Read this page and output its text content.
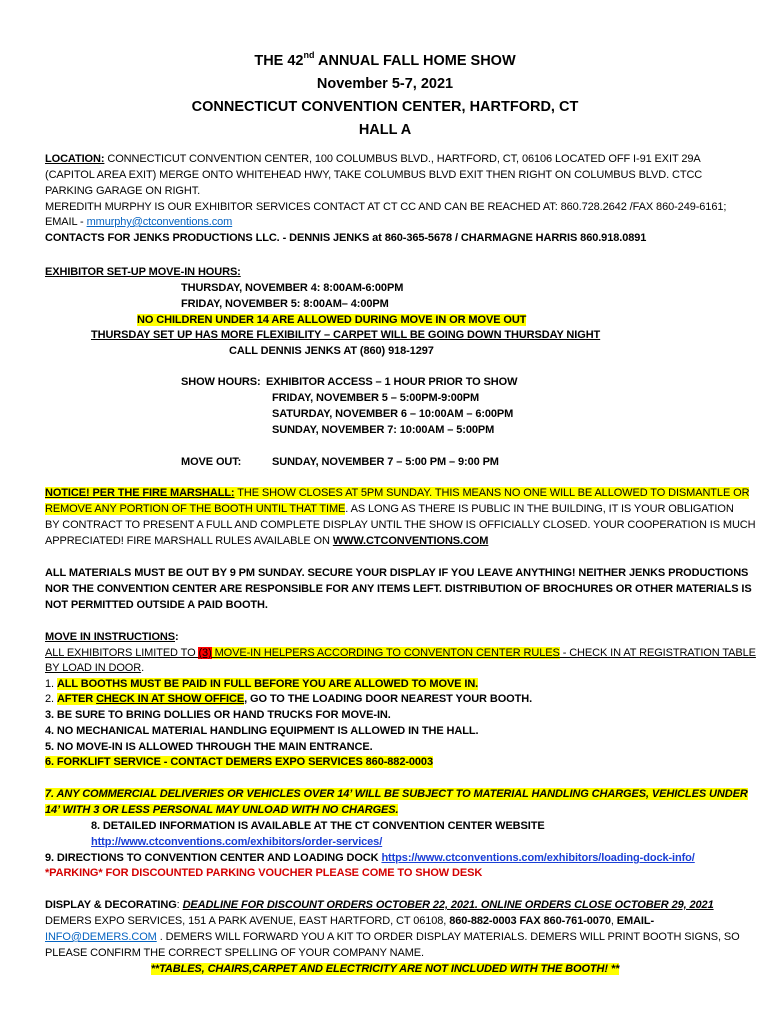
THE 42nd ANNUAL FALL HOME SHOW
November 5-7, 2021
CONNECTICUT CONVENTION CENTER, HARTFORD, CT
HALL A
LOCATION: CONNECTICUT CONVENTION CENTER, 100 COLUMBUS BLVD., HARTFORD, CT, 06106 LOCATED OFF I-91 EXIT 29A
(CAPITOL AREA EXIT) MERGE ONTO WHITEHEAD HWY, TAKE COLUMBUS BLVD EXIT THEN RIGHT ON COLUMBUS BLVD. CTCC
PARKING GARAGE ON RIGHT.
MEREDITH MURPHY IS OUR EXHIBITOR SERVICES CONTACT AT CT CC AND CAN BE REACHED AT: 860.728.2642 /FAX 860-249-6161;
EMAIL - mmurphy@ctconventions.com
CONTACTS FOR JENKS PRODUCTIONS LLC. - DENNIS JENKS at 860-365-5678 / CHARMAGNE HARRIS 860.918.0891
EXHIBITOR SET-UP MOVE-IN HOURS:
THURSDAY, NOVEMBER 4: 8:00AM-6:00PM
FRIDAY, NOVEMBER 5: 8:00AM– 4:00PM
NO CHILDREN UNDER 14 ARE ALLOWED DURING MOVE IN OR MOVE OUT
THURSDAY SET UP HAS MORE FLEXIBILITY – CARPET WILL BE GOING DOWN THURSDAY NIGHT
CALL DENNIS JENKS AT (860) 918-1297
SHOW HOURS: EXHIBITOR ACCESS – 1 HOUR PRIOR TO SHOW
FRIDAY, NOVEMBER 5 – 5:00PM-9:00PM
SATURDAY, NOVEMBER 6 – 10:00AM – 6:00PM
SUNDAY, NOVEMBER 7: 10:00AM – 5:00PM
MOVE OUT:	SUNDAY, NOVEMBER 7 – 5:00 PM – 9:00 PM
NOTICE! PER THE FIRE MARSHALL: THE SHOW CLOSES AT 5PM SUNDAY. THIS MEANS NO ONE WILL BE ALLOWED TO DISMANTLE OR
REMOVE ANY PORTION OF THE BOOTH UNTIL THAT TIME. AS LONG AS THERE IS PUBLIC IN THE BUILDING, IT IS YOUR OBLIGATION
BY CONTRACT TO PRESENT A FULL AND COMPLETE DISPLAY UNTIL THE SHOW IS OFFICIALLY CLOSED. YOUR COOPERATION IS MUCH
APPRECIATED! FIRE MARSHALL RULES AVAILABLE ON WWW.CTCONVENTIONS.COM
ALL MATERIALS MUST BE OUT BY 9 PM SUNDAY. SECURE YOUR DISPLAY IF YOU LEAVE ANYTHING! NEITHER JENKS PRODUCTIONS
NOR THE CONVENTION CENTER ARE RESPONSIBLE FOR ANY ITEMS LEFT. DISTRIBUTION OF BROCHURES OR OTHER MATERIALS IS
NOT PERMITTED OUTSIDE A PAID BOOTH.
MOVE IN INSTRUCTIONS:
ALL EXHIBITORS LIMITED TO (3) MOVE-IN HELPERS ACCORDING TO CONVENTON CENTER RULES - CHECK IN AT REGISTRATION TABLE
BY LOAD IN DOOR.
1. ALL BOOTHS MUST BE PAID IN FULL BEFORE YOU ARE ALLOWED TO MOVE IN.
2. AFTER CHECK IN AT SHOW OFFICE, GO TO THE LOADING DOOR NEAREST YOUR BOOTH.
3. BE SURE TO BRING DOLLIES OR HAND TRUCKS FOR MOVE-IN.
4. NO MECHANICAL MATERIAL HANDLING EQUIPMENT IS ALLOWED IN THE HALL.
5. NO MOVE-IN IS ALLOWED THROUGH THE MAIN ENTRANCE.
6. FORKLIFT SERVICE - CONTACT DEMERS EXPO SERVICES 860-882-0003
7. ANY COMMERCIAL DELIVERIES OR VEHICLES OVER 14’ WILL BE SUBJECT TO MATERIAL HANDLING CHARGES, VEHICLES UNDER
14’ WITH 3 OR LESS PERSONAL MAY UNLOAD WITH NO CHARGES.
8. DETAILED INFORMATION IS AVAILABLE AT THE CT CONVENTION CENTER WEBSITE
http://www.ctconventions.com/exhibitors/order-services/
9. DIRECTIONS TO CONVENTION CENTER AND LOADING DOCK https://www.ctconventions.com/exhibitors/loading-dock-info/
*PARKING* FOR DISCOUNTED PARKING VOUCHER PLEASE COME TO SHOW DESK
DISPLAY & DECORATING: DEADLINE FOR DISCOUNT ORDERS OCTOBER 22, 2021. ONLINE ORDERS CLOSE OCTOBER 29, 2021
DEMERS EXPO SERVICES, 151 A PARK AVENUE, EAST HARTFORD, CT 06108, 860-882-0003 FAX 860-761-0070, EMAIL-
INFO@DEMERS.COM . DEMERS WILL FORWARD YOU A KIT TO ORDER DISPLAY MATERIALS. DEMERS WILL PRINT BOOTH SIGNS, SO
PLEASE CONFIRM THE CORRECT SPELLING OF YOUR COMPANY NAME.
**TABLES, CHAIRS,CARPET AND ELECTRICITY ARE NOT INCLUDED WITH THE BOOTH! **
